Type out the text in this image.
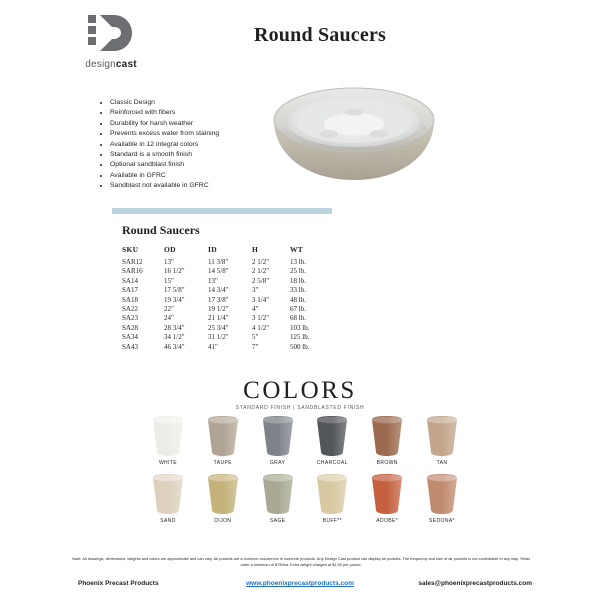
designcast
Round Saucers
• Classic Design
• Reinforced with fibers
• Durability for harsh weather
• Prevents excess water from staining
• Available in 12 integral colors
• Standard is a smooth finish
• Optional sandblast finish
• Available in GFRC
• Sandblast not available in GFRC
Round Saucers
SKU	OD	ID	H	WT
SAR12	13"	11 3/8"	2 1/2"	13 lb.
SAR16	16 1/2"	14 5/8"	2 1/2"	25 lb.
SA14	15"	13"	2 5/8"	18 lb.
SA17	17 5/8"	14 3/4"	3"	33 lb.
SA18	19 3/4"	17 3/8"	3 1/4"	48 lb.
SA22	22"	19 1/2"	4"	67 lb.
SA23	24"	21 1/4"	3 1/2"	68 lb.
SA28	28 3/4"	25 3/4"	4 1/2"	103 lb.
SA34	34 1/2"	31 1/2"	5"	125 lb.
SA43	46 3/4"	41"	7"	500 lb.
COLORS
STANDARD FINISH | SANDBLASTED FINISH
WHITE	TAUPE	GRAY	CHARCOAL	BROWN	TAN
SAND	DIJON	SAGE	BUFF**	ADOBE*	SEDONA*
Note: All drawings, dimensions, weights and colors are approximate and can vary. All pockets are a common occurrence in concrete products. Any Design Cast product can display air pockets. The frequency and size of air pockets is not controllable in any way. *Must order a minimum of $750ea. Extra weight charged at $1.50 per pound.
Phoenix Precast Products	www.phoenixprecastproducts.com	sales@phoenixprecastproducts.com
